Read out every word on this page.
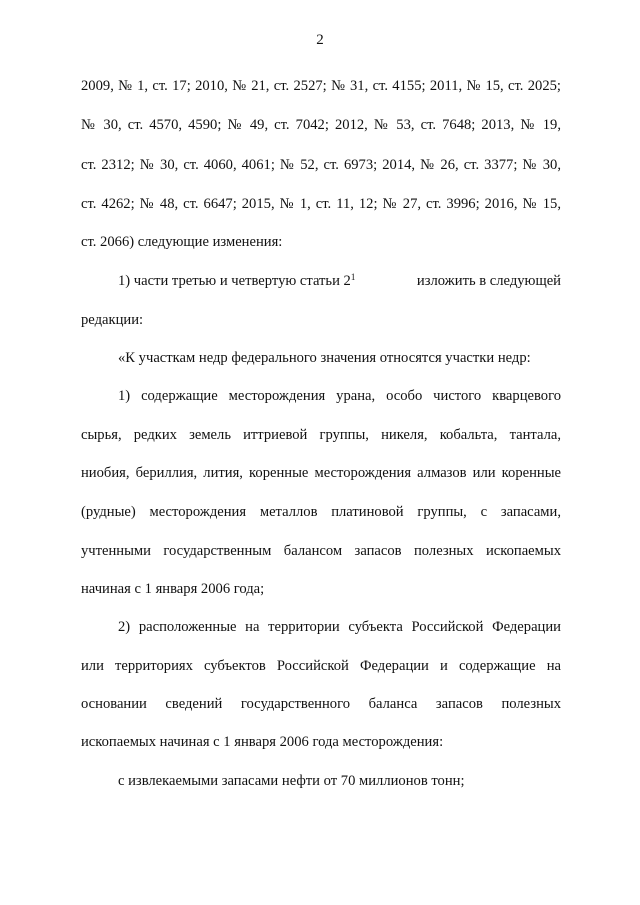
2
2009, № 1, ст. 17; 2010, № 21, ст. 2527; № 31, ст. 4155; 2011, № 15, ст. 2025;
№ 30, ст. 4570, 4590; № 49, ст. 7042; 2012, № 53, ст. 7648; 2013, № 19,
ст. 2312; № 30, ст. 4060, 4061; № 52, ст. 6973; 2014, № 26, ст. 3377; № 30,
ст. 4262; № 48, ст. 6647; 2015, № 1, ст. 11, 12; № 27, ст. 3996; 2016, № 15,
ст. 2066) следующие изменения:
1) части третью и четвертую статьи $2^1$	изложить в следующей
редакции:
«К участкам недр федерального значения относятся участки недр:
1) содержащие месторождения урана, особо чистого кварцевого
сырья, редких земель иттриевой группы, никеля, кобальта, тантала,
ниобия, бериллия, лития, коренные месторождения алмазов или коренные
(рудные) месторождения металлов платиновой группы, с запасами,
учтенными государственным балансом запасов полезных ископаемых
начиная с 1 января 2006 года;
2) расположенные на территории субъекта Российской Федерации
или территориях субъектов Российской Федерации и содержащие на
основании сведений государственного баланса запасов полезных
ископаемых начиная с 1 января 2006 года месторождения:
с извлекаемыми запасами нефти от 70 миллионов тонн;
